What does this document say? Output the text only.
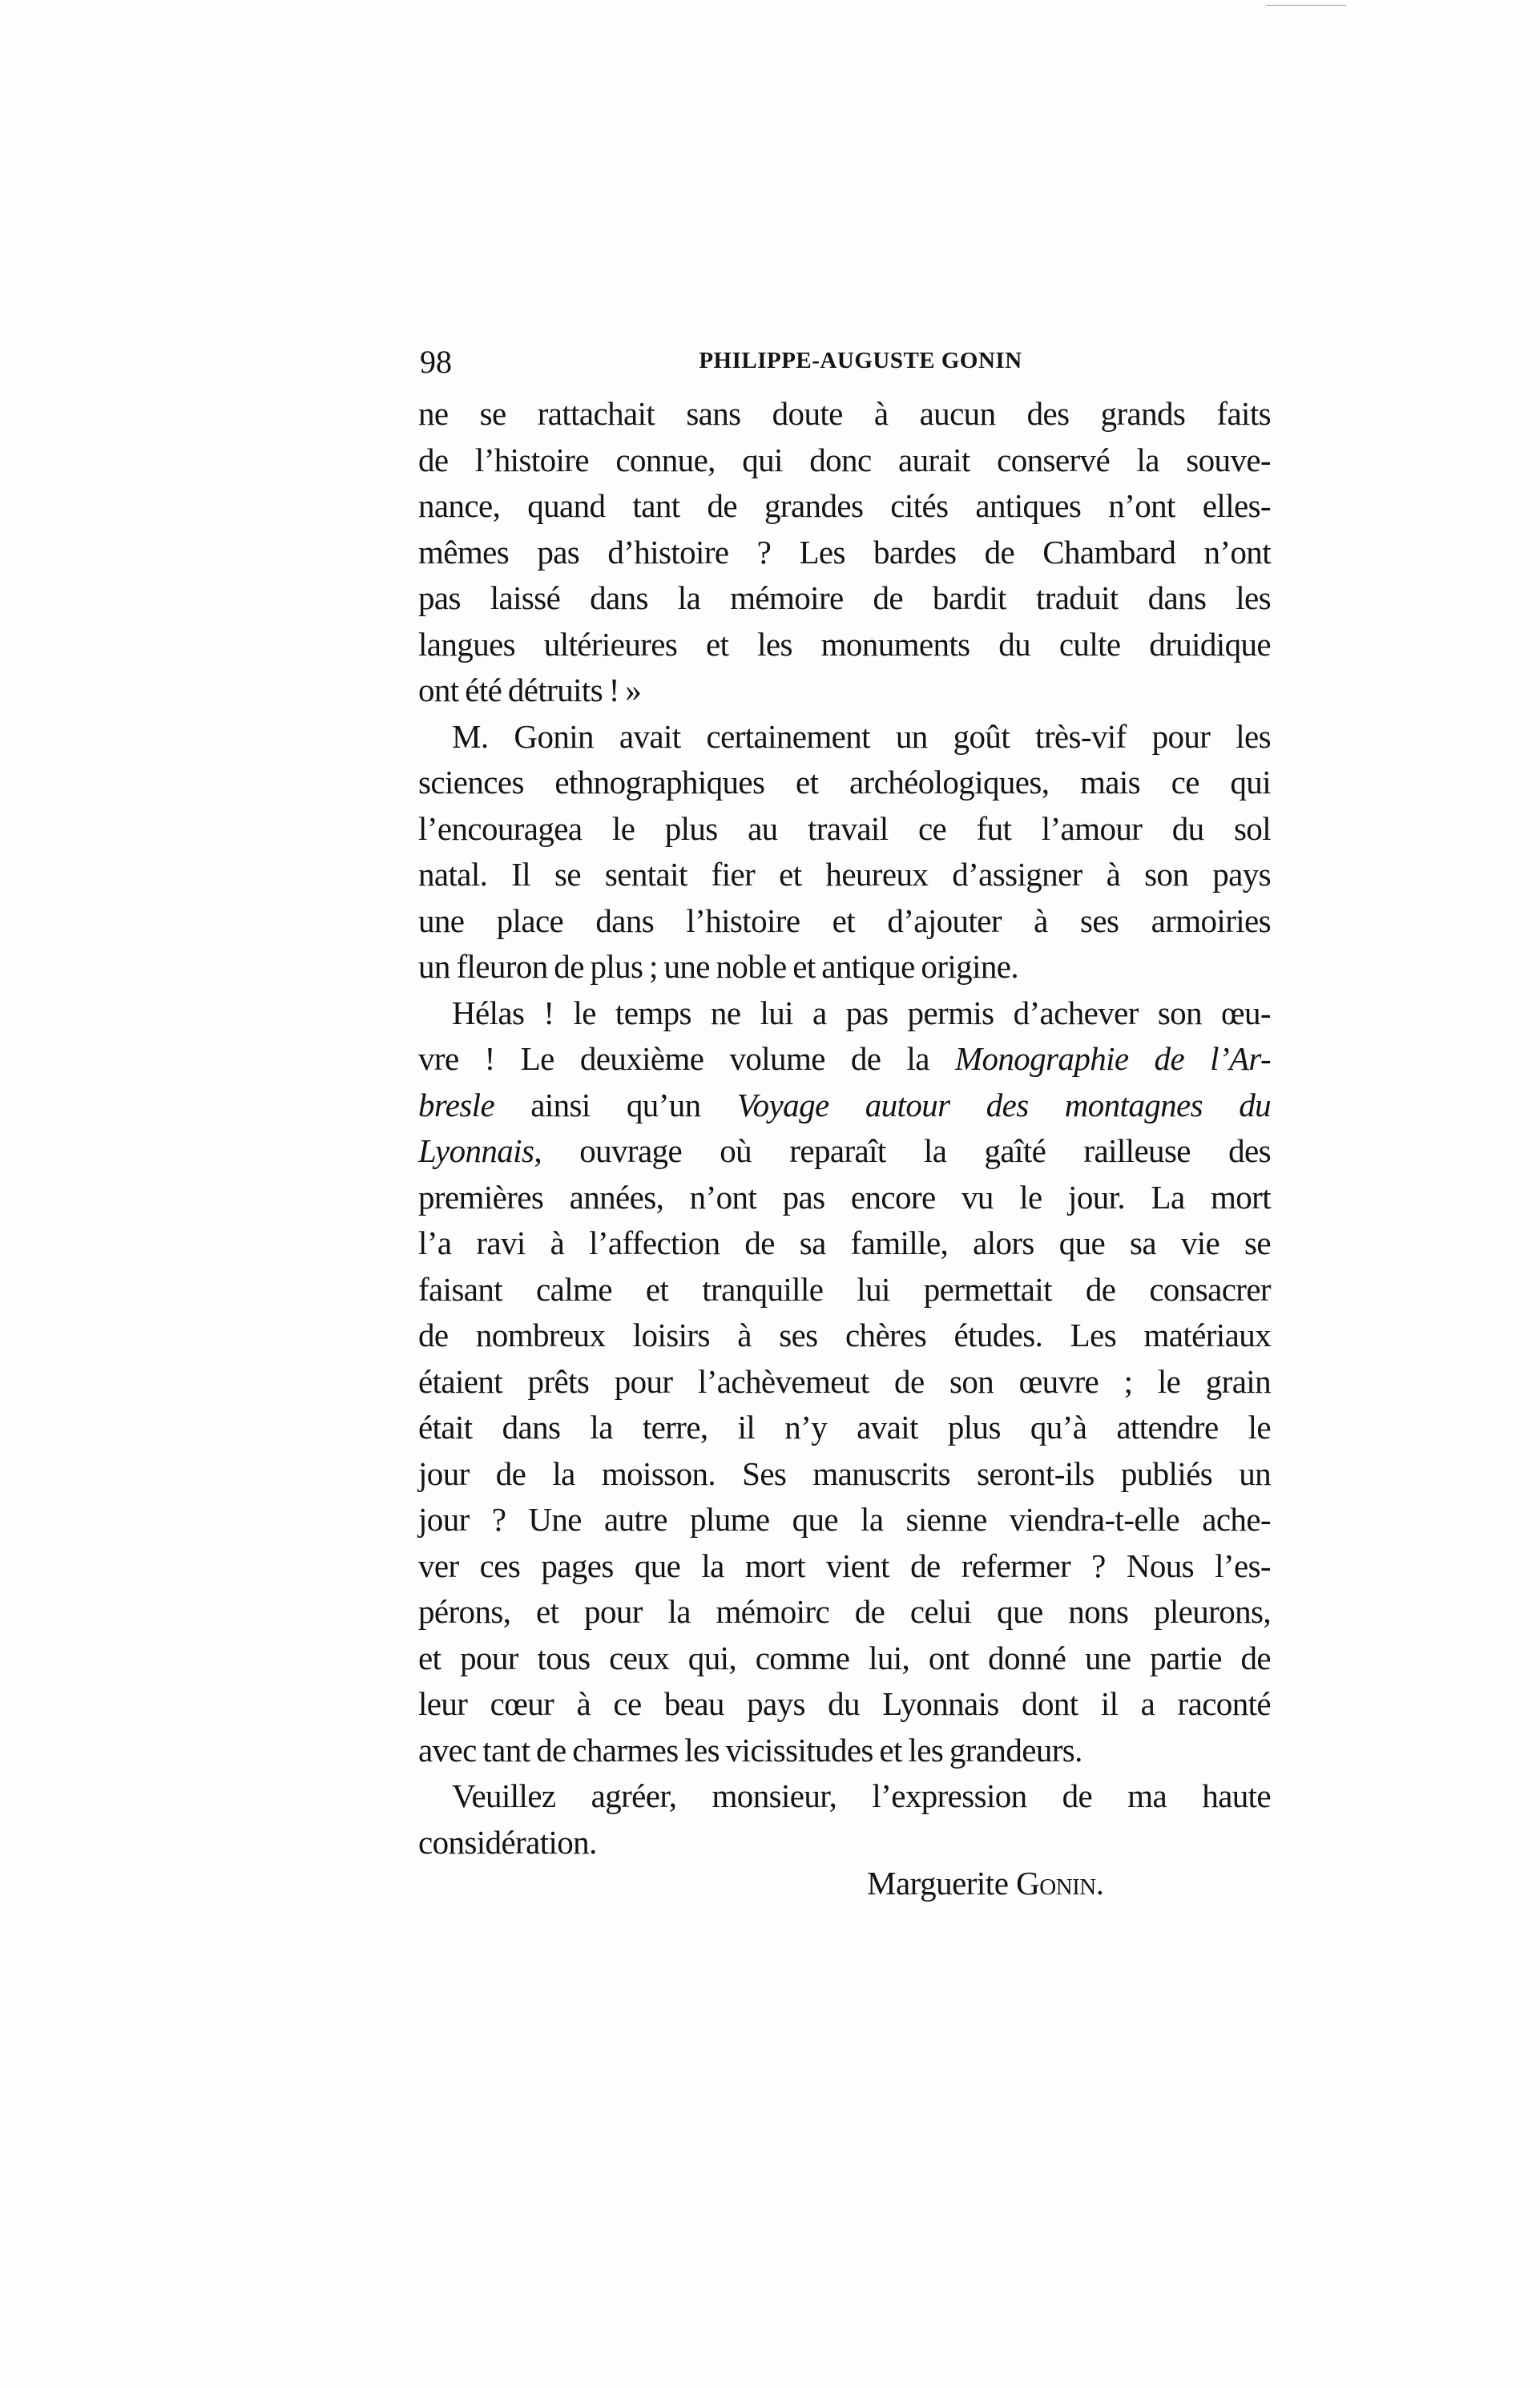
98	PHILIPPE-AUGUSTE GONIN
ne se rattachait sans doute à aucun des grands faits
de l’histoire connue, qui donc aurait conservé la souve-
nance, quand tant de grandes cités antiques n’ont elles-
mêmes pas d’histoire ? Les bardes de Chambard n’ont
pas laissé dans la mémoire de bardit traduit dans les
langues ultérieures et les monuments du culte druidique
ont été détruits ! »
M. Gonin avait certainement un goût très-vif pour les
sciences ethnographiques et archéologiques, mais ce qui
l’encouragea le plus au travail ce fut l’amour du sol
natal. Il se sentait fier et heureux d’assigner à son pays
une place dans l’histoire et d’ajouter à ses armoiries
un fleuron de plus ; une noble et antique origine.
Hélas ! le temps ne lui a pas permis d’achever son œu-
vre ! Le deuxième volume de la Monographie de l’Ar-
bresle ainsi qu’un Voyage autour des montagnes du
Lyonnais, ouvrage où reparaît la gaîté railleuse des
premières années, n’ont pas encore vu le jour. La mort
l’a ravi à l’affection de sa famille, alors que sa vie se
faisant calme et tranquille lui permettait de consacrer
de nombreux loisirs à ses chères études. Les matériaux
étaient prêts pour l’achèvemeut de son œuvre ; le grain
était dans la terre, il n’y avait plus qu’à attendre le
jour de la moisson. Ses manuscrits seront-ils publiés un
jour ? Une autre plume que la sienne viendra-t-elle ache-
ver ces pages que la mort vient de refermer ? Nous l’es-
pérons, et pour la mémoirc de celui que nons pleurons,
et pour tous ceux qui, comme lui, ont donné une partie de
leur cœur à ce beau pays du Lyonnais dont il a raconté
avec tant de charmes les vicissitudes et les grandeurs.
Veuillez agréer, monsieur, l’expression de ma haute
considération.
Marguerite Gonin.
